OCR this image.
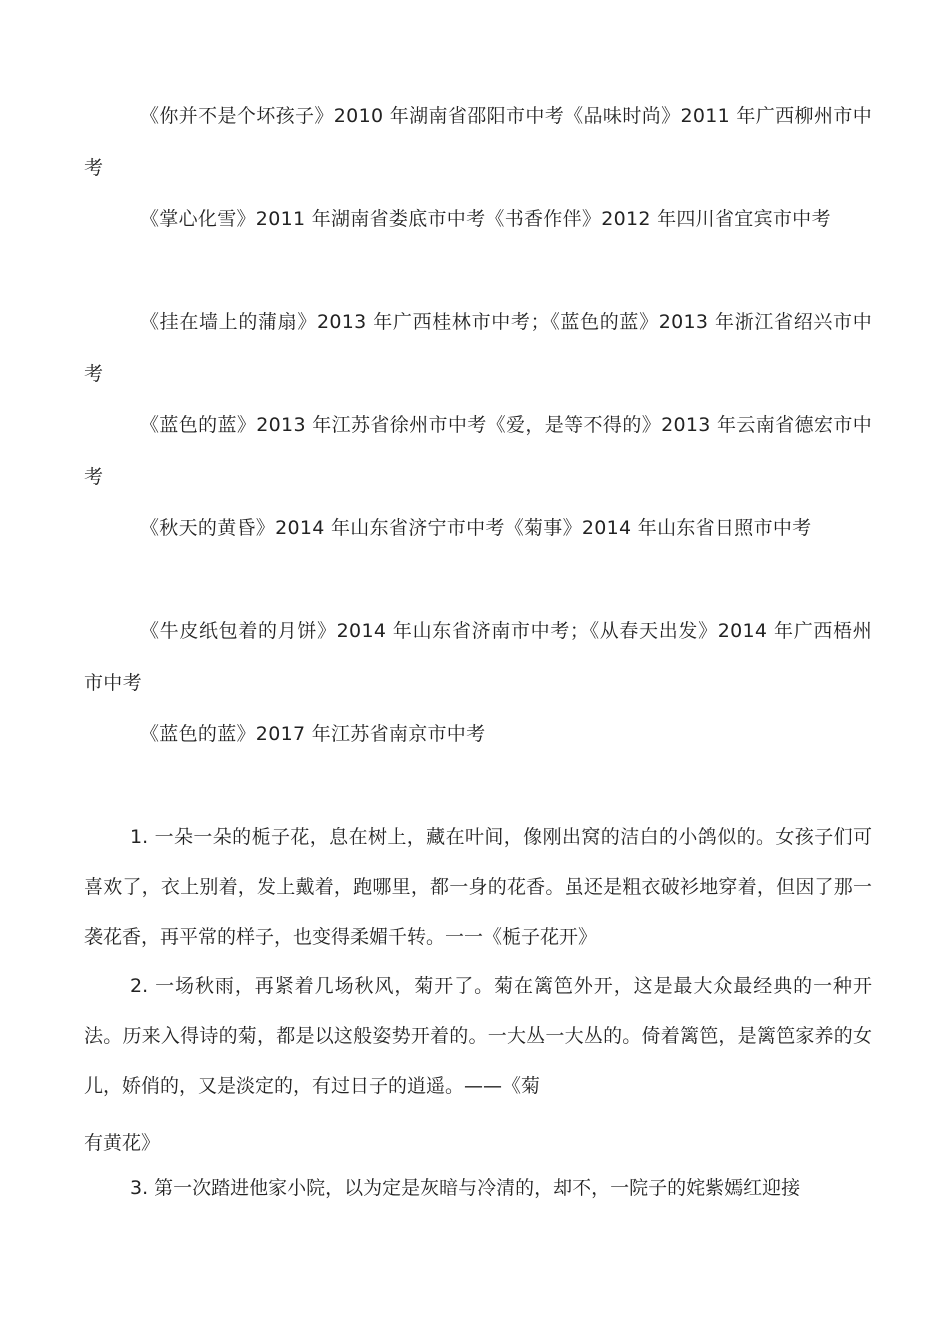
《你并不是个坏孩子》2010 年湖南省邵阳市中考《品味时尚》2011 年广西柳州市中考

《掌心化雪》2011 年湖南省娄底市中考《书香作伴》2012 年四川省宜宾市中考

《挂在墙上的蒲扇》2013 年广西桂林市中考；《蓝色的蓝》2013 年浙江省绍兴市中考

《蓝色的蓝》2013 年江苏省徐州市中考《爱，是等不得的》2013 年云南省德宏市中考

《秋天的黄昏》2014 年山东省济宁市中考《菊事》2014 年山东省日照市中考

《牛皮纸包着的月饼》2014 年山东省济南市中考；《从春天出发》2014 年广西梧州市中考

《蓝色的蓝》2017 年江苏省南京市中考

1. 一朵一朵的栀子花，息在树上，藏在叶间，像刚出窝的洁白的小鸽似的。女孩子们可喜欢了，衣上别着，发上戴着，跑哪里，都一身的花香。虽还是粗衣破衫地穿着，但因了那一袭花香，再平常的样子，也变得柔媚千转。一一《栀子花开》

2. 一场秋雨，再紧着几场秋风，菊开了。菊在篱笆外开，这是最大众最经典的一种开法。历来入得诗的菊，都是以这般姿势开着的。一大丛一大丛的。倚着篱笆，是篱笆家养的女儿，娇俏的，又是淡定的，有过日子的逍遥。——《菊

有黄花》

3. 第一次踏进他家小院，以为定是灰暗与冷清的，却不，一院子的姹紫嫣红迎接
